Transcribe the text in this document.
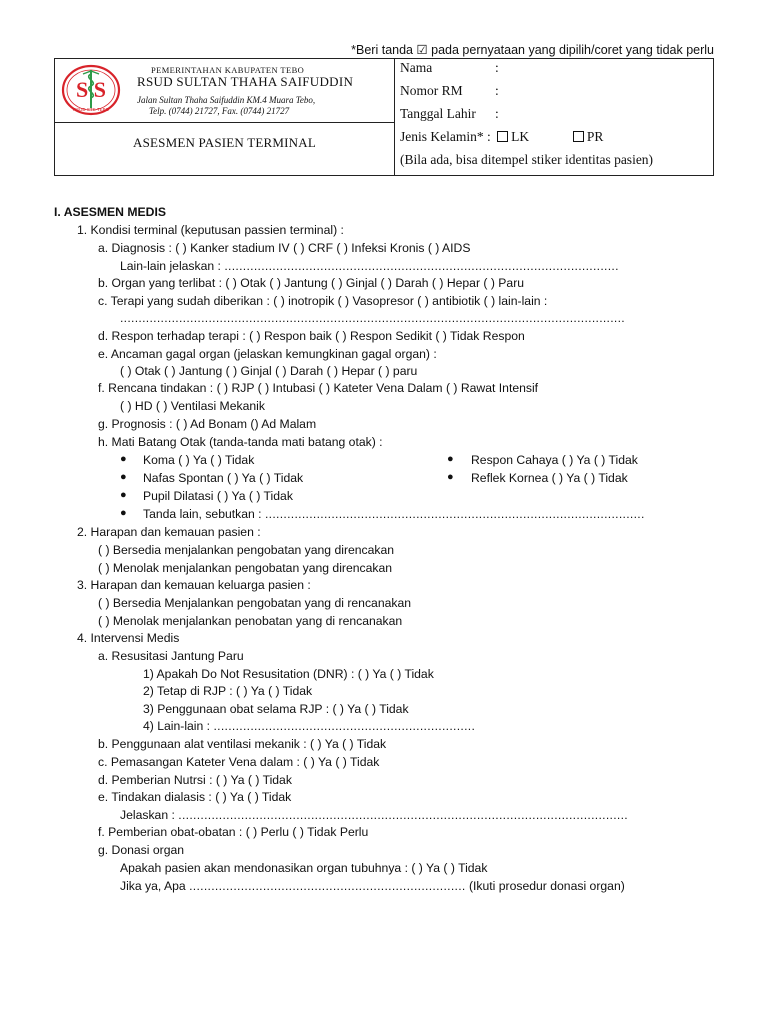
*Beri tanda ☑ pada pernyataan yang dipilih/coret yang tidak perlu
S S
RSUD STS TEBO
PEMERINTAHAN KABUPATEN TEBO
RSUD SULTAN THAHA SAIFUDDIN
Jalan Sultan Thaha Saifuddin KM.4 Muara Tebo,
Telp. (0744) 21727, Fax. (0744) 21727
ASESMEN PASIEN TERMINAL
Nama	:
Nomor RM :
Tanggal Lahir :
Jenis Kelamin* : LK	PR
(Bila ada, bisa ditempel stiker identitas pasien)
I. ASESMEN MEDIS
1. Kondisi terminal (keputusan passien terminal) :
a. Diagnosis : ( ) Kanker stadium IV ( ) CRF ( ) Infeksi Kronis ( ) AIDS
Lain-lain jelaskan : ...........................................................................................................
b. Organ yang terlibat : ( ) Otak ( ) Jantung ( ) Ginjal ( ) Darah ( ) Hepar ( ) Paru
c. Terapi yang sudah diberikan : ( ) inotropik ( ) Vasopresor ( ) antibiotik ( ) lain-lain :
.........................................................................................................................................
d. Respon terhadap terapi : ( ) Respon baik ( ) Respon Sedikit ( ) Tidak Respon
e. Ancaman gagal organ (jelaskan kemungkinan gagal organ) :
( ) Otak ( ) Jantung ( ) Ginjal ( ) Darah ( ) Hepar ( ) paru
f. Rencana tindakan : ( ) RJP ( ) Intubasi ( ) Kateter Vena Dalam ( ) Rawat Intensif
( ) HD ( ) Ventilasi Mekanik
g. Prognosis : ( ) Ad Bonam () Ad Malam
h. Mati Batang Otak (tanda-tanda mati batang otak) :
● Koma ( ) Ya ( ) Tidak
● Nafas Spontan ( ) Ya ( ) Tidak
● Pupil Dilatasi ( ) Ya ( ) Tidak
● Tanda lain, sebutkan : .......................................................................................................
● Respon Cahaya ( ) Ya ( ) Tidak
● Reflek Kornea ( ) Ya ( ) Tidak
2. Harapan dan kemauan pasien :
( ) Bersedia menjalankan pengobatan yang direncakan
( ) Menolak menjalankan pengobatan yang direncakan
3. Harapan dan kemauan keluarga pasien :
( ) Bersedia Menjalankan pengobatan yang di rencanakan
( ) Menolak menjalankan penobatan yang di rencanakan
4. Intervensi Medis
a. Resusitasi Jantung Paru
1) Apakah Do Not Resusitation (DNR) : ( ) Ya ( ) Tidak
2) Tetap di RJP : ( ) Ya ( ) Tidak
3) Penggunaan obat selama RJP : ( ) Ya ( ) Tidak
4) Lain-lain : .......................................................................
b. Penggunaan alat ventilasi mekanik : ( ) Ya ( ) Tidak
c. Pemasangan Kateter Vena dalam : ( ) Ya ( ) Tidak
d. Pemberian Nutrsi : ( ) Ya ( ) Tidak
e. Tindakan dialasis : ( ) Ya ( ) Tidak
Jelaskan : ..........................................................................................................................
f. Pemberian obat-obatan : ( ) Perlu ( ) Tidak Perlu
g. Donasi organ
Apakah pasien akan mendonasikan organ tubuhnya : ( ) Ya ( ) Tidak
Jika ya, Apa ........................................................................... (Ikuti prosedur donasi organ)
